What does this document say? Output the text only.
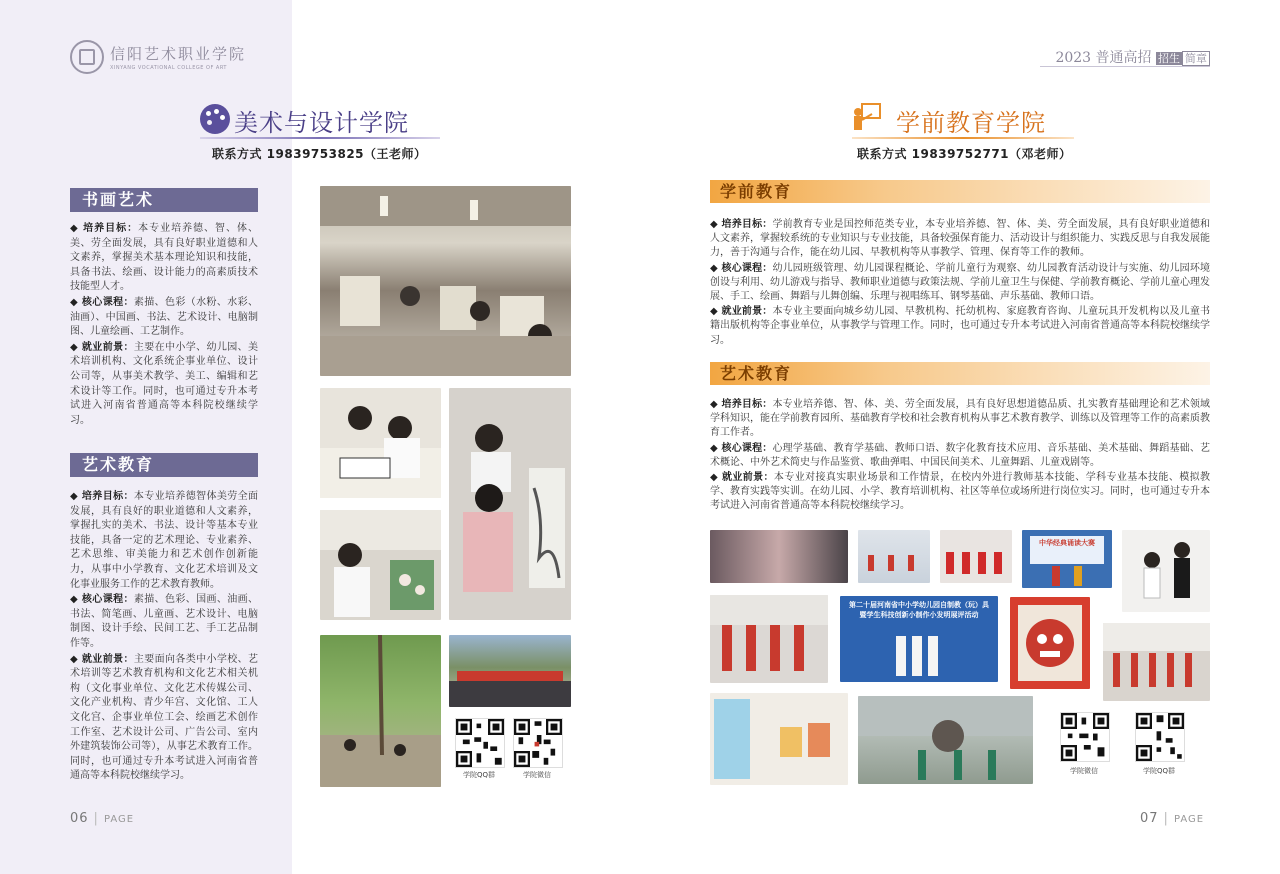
信阳艺术职业学院
XINYANG VOCATIONAL COLLEGE OF ART
美术与设计学院
联系方式 19839753825（王老师）
书画艺术

◆ 培养目标：本专业培养德、智、体、美、劳全面发展，具有良好职业道德和人文素养，掌握美术基本理论知识和技能，具备书法、绘画、设计能力的高素质技术技能型人才。

◆ 核心课程：素描、色彩（水粉、水彩、油画）、中国画、书法、艺术设计、电脑制图、儿童绘画、工艺制作。

◆ 就业前景：主要在中小学、幼儿园、美术培训机构、文化系统企事业单位、设计公司等，从事美术教学、美工、编辑和艺术设计等工作。同时，也可通过专升本考试进入河南省普通高等本科院校继续学习。

艺术教育

◆ 培养目标：本专业培养德智体美劳全面发展，具有良好的职业道德和人文素养，掌握扎实的美术、书法、设计等基本专业技能，具备一定的艺术理论、专业素养、艺术思维、审美能力和艺术创作创新能力，从事中小学教育、文化艺术培训及文化事业服务工作的艺术教育教师。

◆ 核心课程：素描、色彩、国画、油画、书法、简笔画、儿童画、艺术设计、电脑制图、设计手绘、民间工艺、手工艺品制作等。

◆ 就业前景：主要面向各类中小学校、艺术培训等艺术教育机构和文化艺术相关机构（文化事业单位、文化艺术传媒公司、文化产业机构、青少年宫、文化馆、工人文化宫、企事业单位工会、绘画艺术创作工作室、艺术设计公司、广告公司、室内外建筑装饰公司等），从事艺术教育工作。同时，也可通过专升本考试进入河南省普通高等本科院校继续学习。	学院QQ群	学院微信
06 | PAGE
2023 普通高招 招生 简章
学前教育学院
联系方式 19839752771（邓老师）
学前教育

◆ 培养目标：学前教育专业是国控师范类专业，本专业培养德、智、体、美、劳全面发展，具有良好职业道德和人文素养，掌握较系统的专业知识与专业技能，具备较强保育能力、活动设计与组织能力、实践反思与自我发展能力，善于沟通与合作，能在幼儿园、早教机构等从事教学、管理、保育等工作的教师。

◆ 核心课程：幼儿园班级管理、幼儿园课程概论、学前儿童行为观察、幼儿园教育活动设计与实施、幼儿园环境创设与利用、幼儿游戏与指导、教师职业道德与政策法规、学前儿童卫生与保健、学前教育概论、学前儿童心理发展、手工、绘画、舞蹈与儿舞创编、乐理与视唱练耳、钢琴基础、声乐基础、教师口语。

◆ 就业前景：本专业主要面向城乡幼儿园、早教机构、托幼机构、家庭教育咨询、儿童玩具开发机构以及儿童书籍出版机构等企事业单位，从事教学与管理工作。同时，也可通过专升本考试进入河南省普通高等本科院校继续学习。

艺术教育

◆ 培养目标：本专业培养德、智、体、美、劳全面发展，具有良好思想道德品质、扎实教育基础理论和艺术领域学科知识，能在学前教育园所、基础教育学校和社会教育机构从事艺术教育教学、训练以及管理等工作的高素质教育工作者。

◆ 核心课程：心理学基础、教育学基础、教师口语、数字化教育技术应用、音乐基础、美术基础、舞蹈基础、艺术概论、中外艺术简史与作品鉴赏、歌曲弹唱、中国民间美术、儿童舞蹈、儿童戏剧等。

◆ 就业前景：本专业对接真实职业场景和工作情景，在校内外进行教师基本技能、学科专业基本技能、模拟教学、教育实践等实训。在幼儿园、小学、教育培训机构、社区等单位或场所进行岗位实习。同时，也可通过专升本考试进入河南省普通高等本科院校继续学习。

中华经典诵读大赛
第二十届河南省中小学幼儿园自制教（玩）具暨学生科技创新小制作小发明展评活动
学院微信	学院QQ群
07 | PAGE
